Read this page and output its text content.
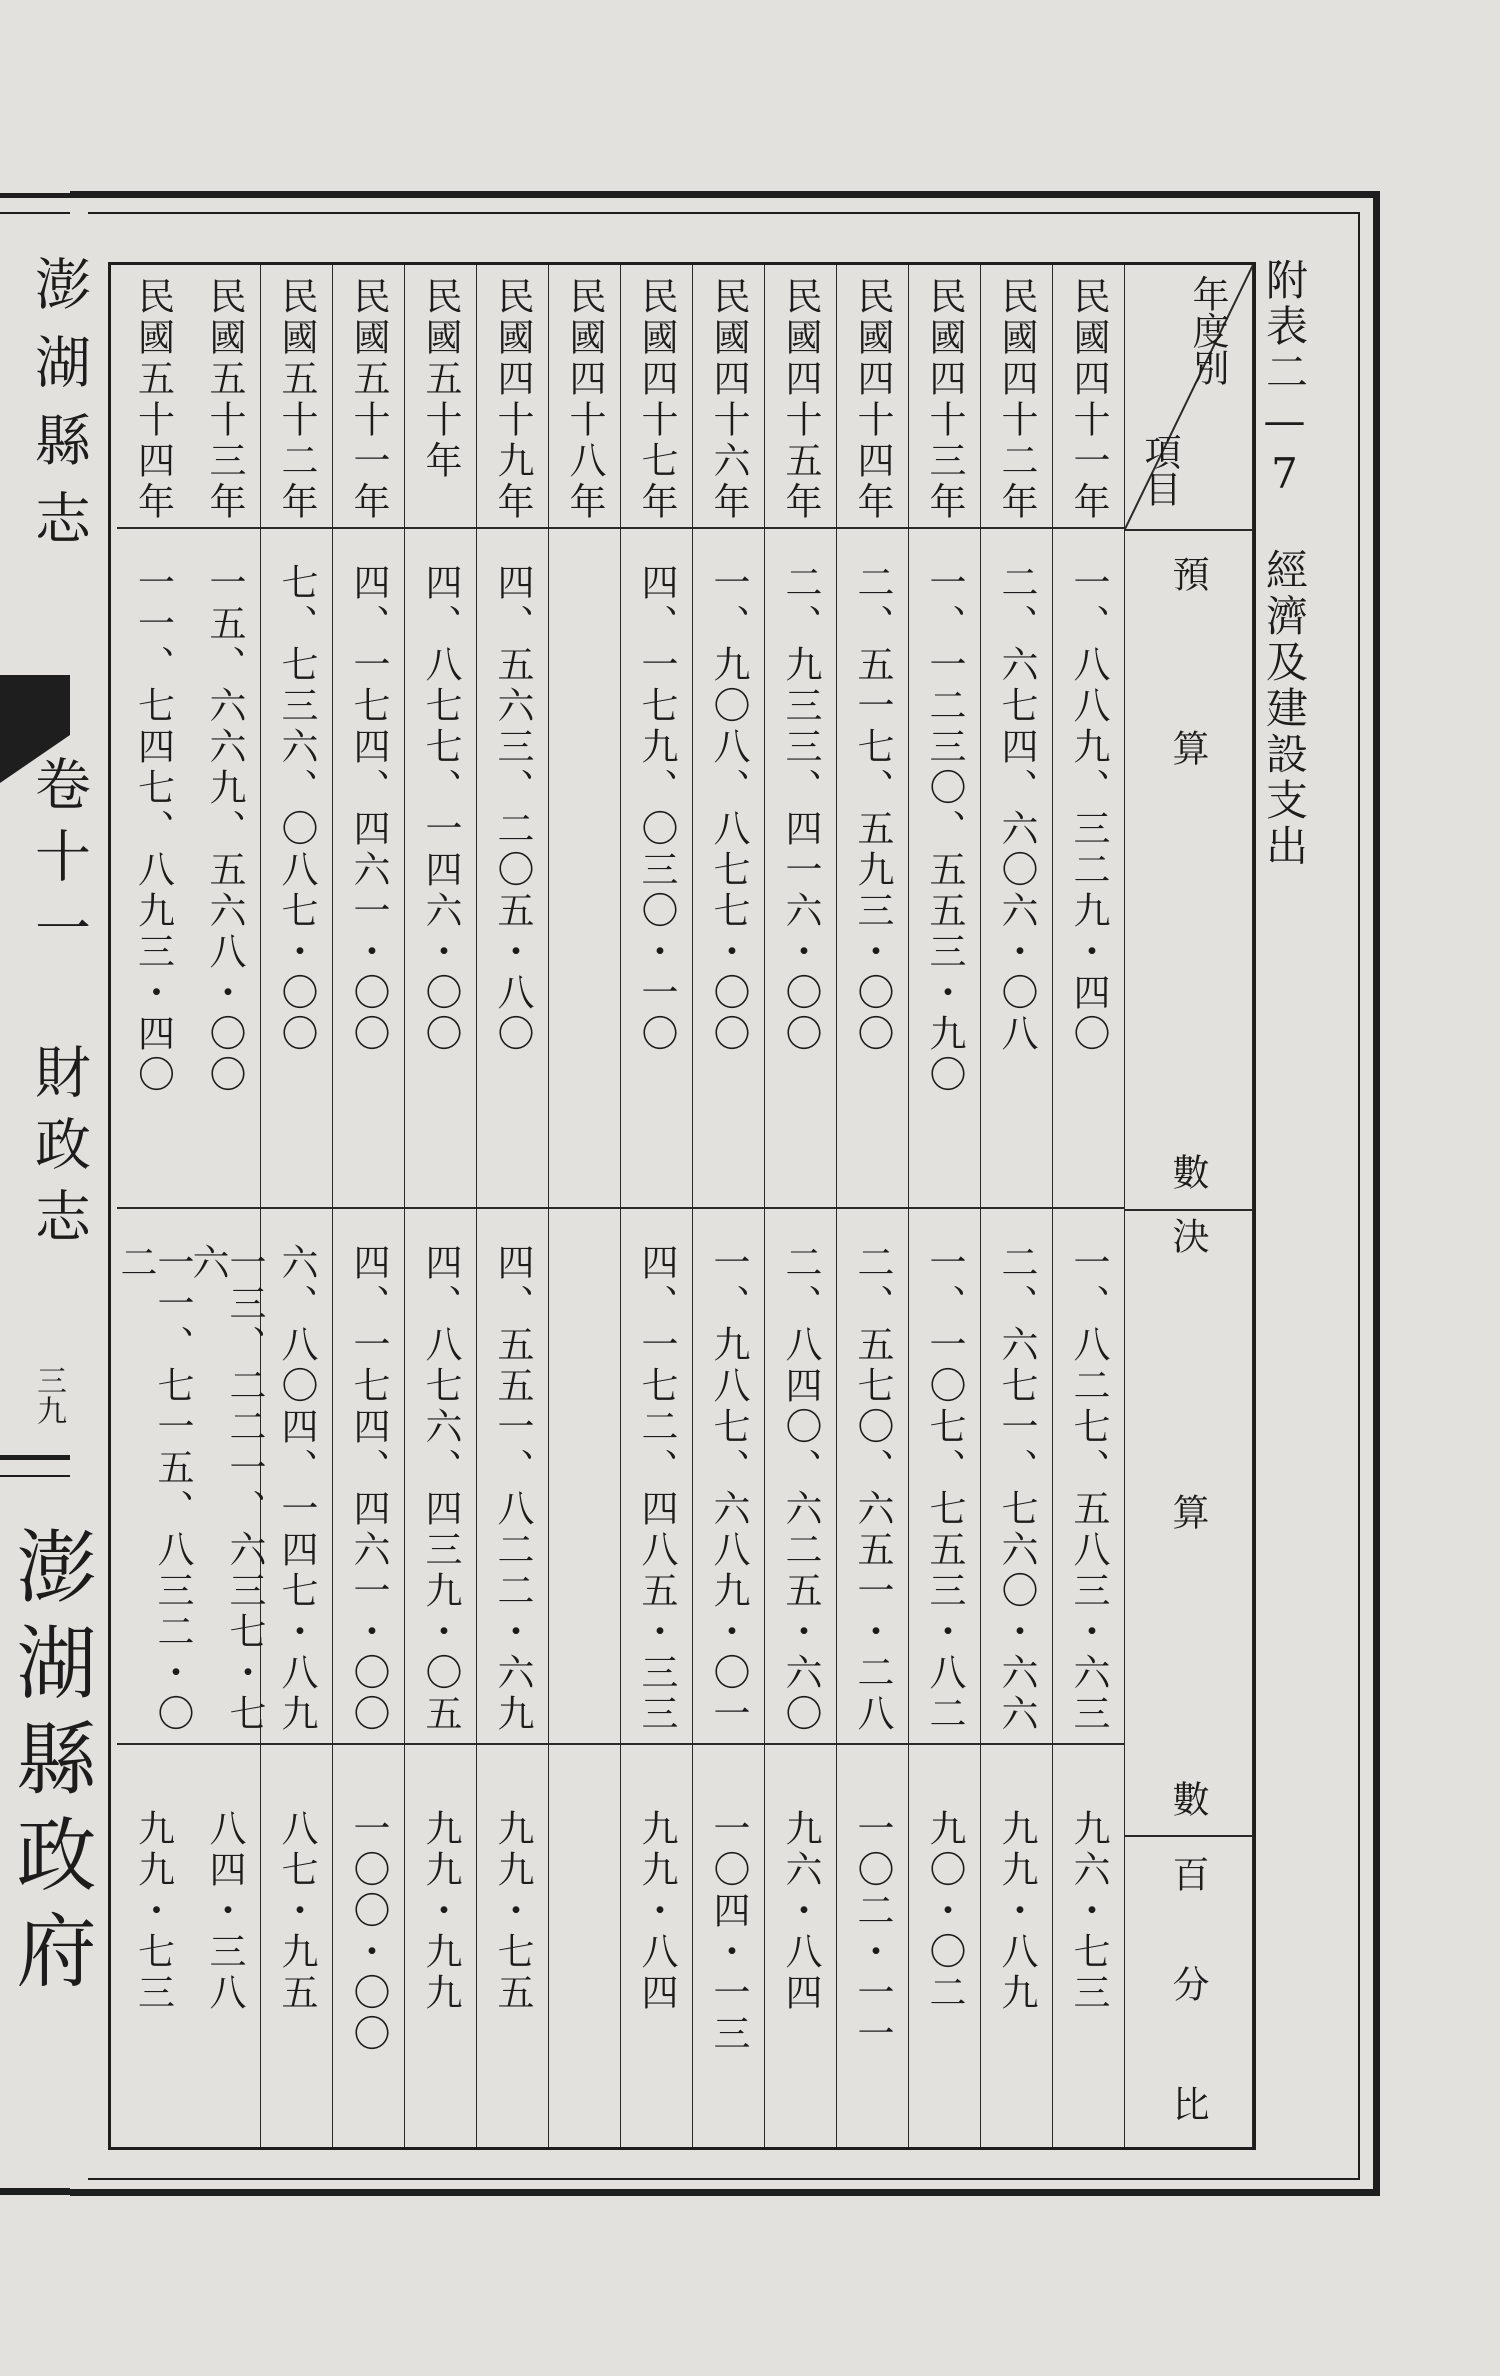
澎湖縣志
卷十一　財政志
三九
澎湖縣政府
附表二—7　經濟及建設支出
年度別
項目
預　算
數
決
算
數
百
分
比
民國四十一年
一、八八九、三二九・四〇
一、八二七、五八三・六三
九六・七三
民國四十二年
二、六七四、六〇六・〇八
二、六七一、七六〇・六六
九九・八九
民國四十三年
一、一二三〇、五五三・九〇
一、一〇七、七五三・八二
九〇・〇二
民國四十四年
二、五一七、五九三・〇〇
二、五七〇、六五一・二八
一〇二・一一
民國四十五年
二、九三三、四一六・〇〇
二、八四〇、六二五・六〇
九六・八四
民國四十六年
一、九〇八、八七七・〇〇
一、九八七、六八九・〇一
一〇四・一三
民國四十七年
四、一七九、〇三〇・一〇
四、一七二、四八五・三三
九九・八四
民國四十八年
民國四十九年
四、五六三、二〇五・八〇
四、五五一、八二二・六九
九九・七五
民國五十年
四、八七七、一四六・〇〇
四、八七六、四三九・〇五
九九・九九
民國五十一年
四、一七四、四六一・〇〇
四、一七四、四六一・〇〇
一〇〇・〇〇
民國五十二年
七、七三六、〇八七・〇〇
六、八〇四、一四七・八九
八七・九五
民國五十三年
一五、六六九、五六八・〇〇
一三、二二一、六三七・七六
八四・三八
民國五十四年
一一、七四七、八九三・四〇
一一、七一五、八三二・〇二
九九・七三
